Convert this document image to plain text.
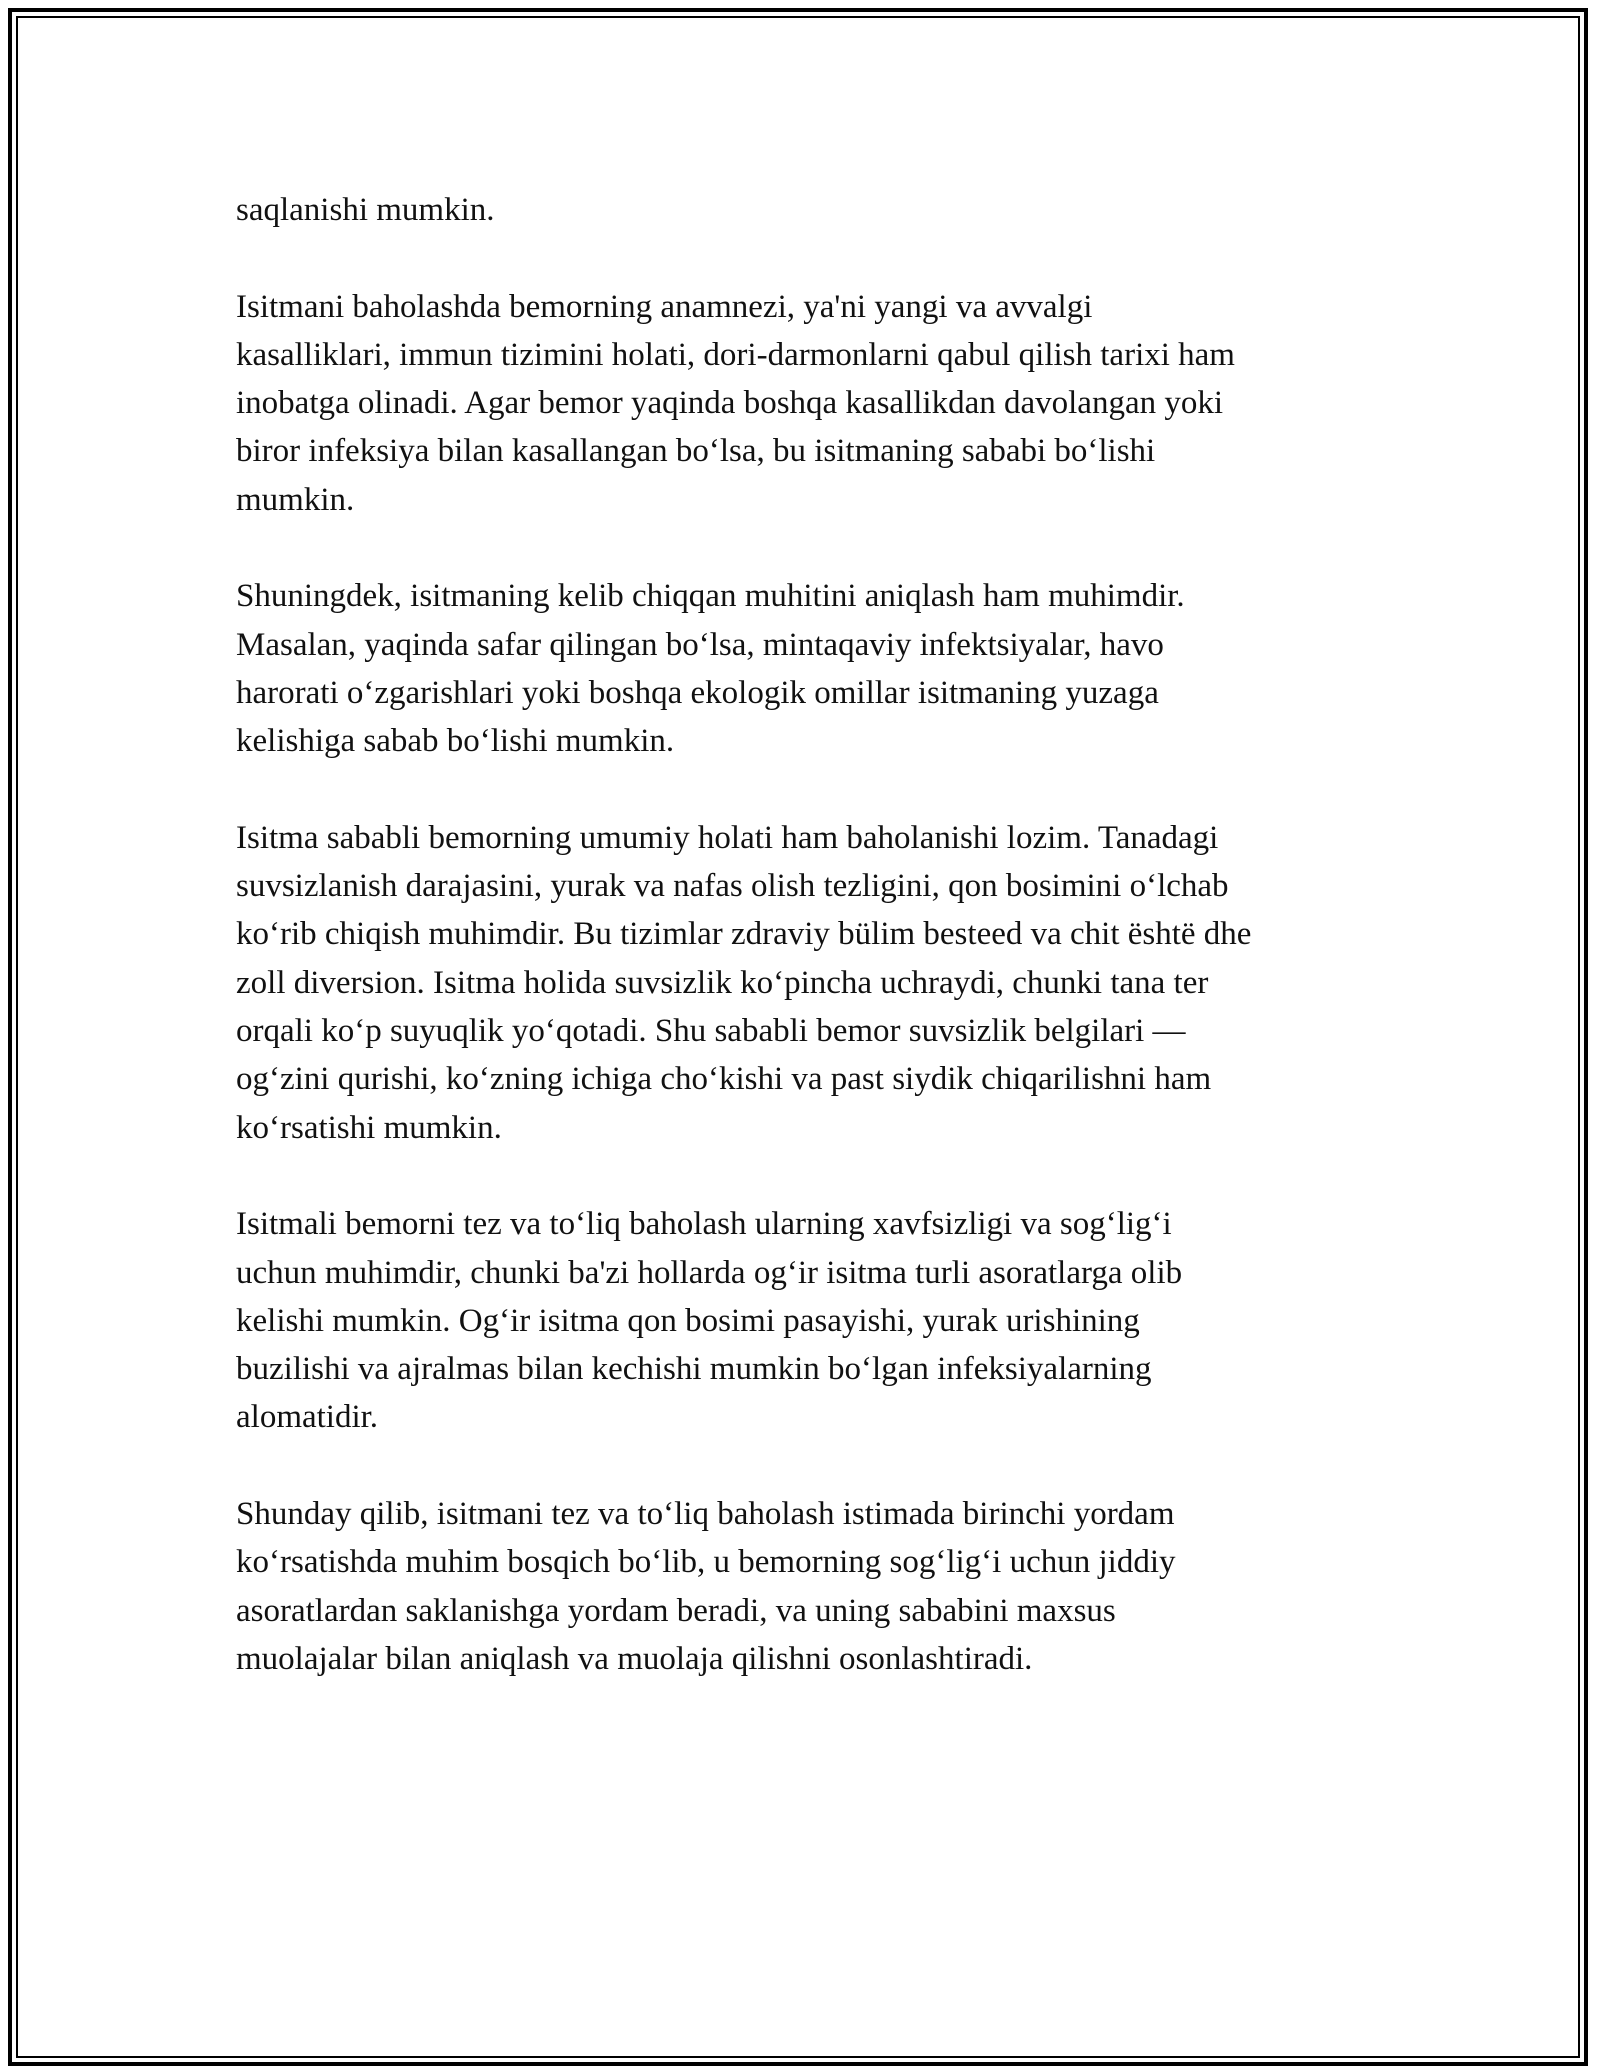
saqlanishi mumkin.

Isitmani baholashda bemorning anamnezi, ya'ni yangi va avvalgi
kasalliklari, immun tizimini holati, dori-darmonlarni qabul qilish tarixi ham
inobatga olinadi. Agar bemor yaqinda boshqa kasallikdan davolangan yoki
biror infeksiya bilan kasallangan bo‘lsa, bu isitmaning sababi bo‘lishi
mumkin.

Shuningdek, isitmaning kelib chiqqan muhitini aniqlash ham muhimdir.
Masalan, yaqinda safar qilingan bo‘lsa, mintaqaviy infektsiyalar, havo
harorati o‘zgarishlari yoki boshqa ekologik omillar isitmaning yuzaga
kelishiga sabab bo‘lishi mumkin.

Isitma sababli bemorning umumiy holati ham baholanishi lozim. Tanadagi
suvsizlanish darajasini, yurak va nafas olish tezligini, qon bosimini o‘lchab
ko‘rib chiqish muhimdir. Bu tizimlar zdraviy bülim besteed va chit është dhe
zoll diversion. Isitma holida suvsizlik ko‘pincha uchraydi, chunki tana ter
orqali ko‘p suyuqlik yo‘qotadi. Shu sababli bemor suvsizlik belgilari —
og‘zini qurishi, ko‘zning ichiga cho‘kishi va past siydik chiqarilishni ham
ko‘rsatishi mumkin.

Isitmali bemorni tez va to‘liq baholash ularning xavfsizligi va sog‘lig‘i
uchun muhimdir, chunki ba'zi hollarda og‘ir isitma turli asoratlarga olib
kelishi mumkin. Og‘ir isitma qon bosimi pasayishi, yurak urishining
buzilishi va ajralmas bilan kechishi mumkin bo‘lgan infeksiyalarning
alomatidir.

Shunday qilib, isitmani tez va to‘liq baholash istimada birinchi yordam
ko‘rsatishda muhim bosqich bo‘lib, u bemorning sog‘lig‘i uchun jiddiy
asoratlardan saklanishga yordam beradi, va uning sababini maxsus
muolajalar bilan aniqlash va muolaja qilishni osonlashtiradi.
